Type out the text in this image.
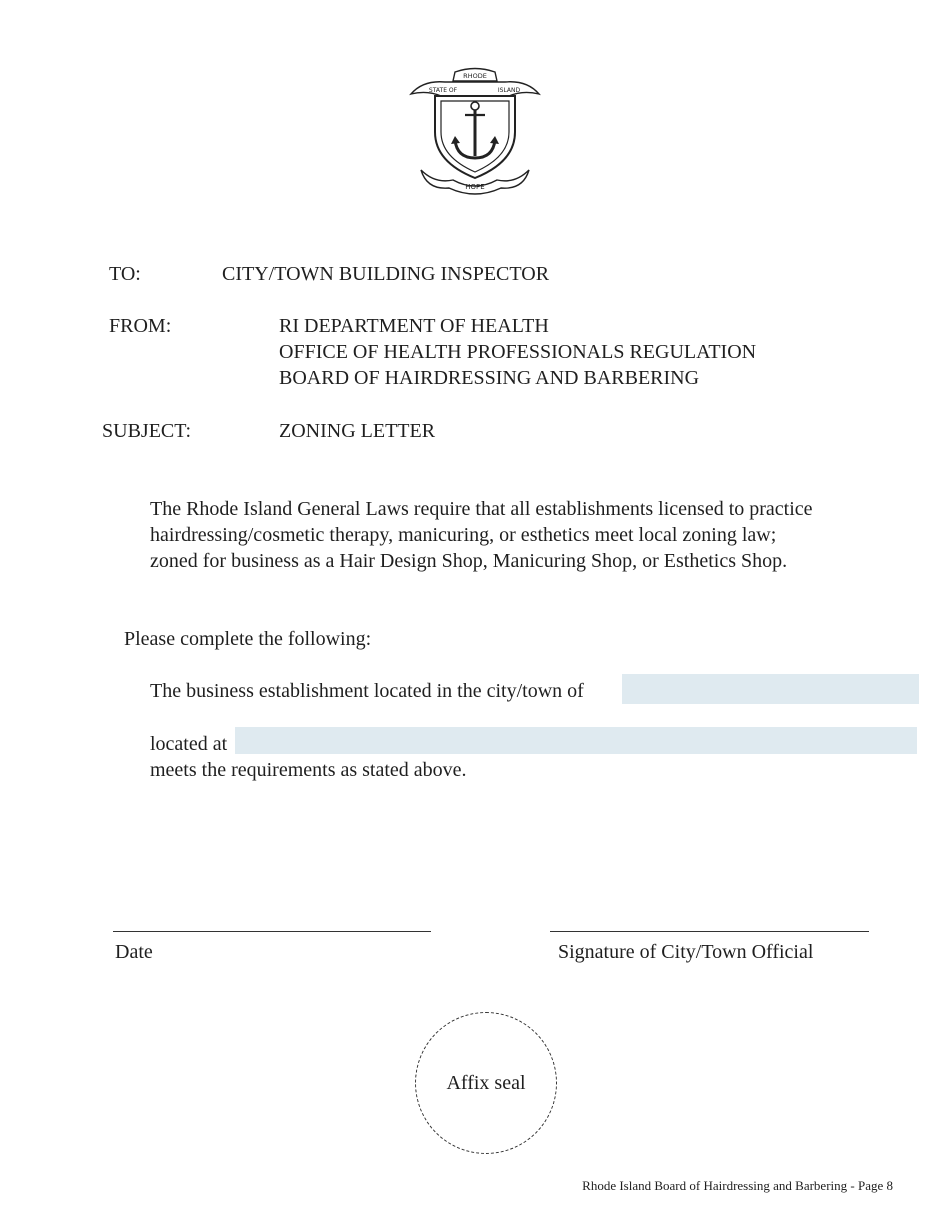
RHODE
STATE OF	ISLAND
HOPE
TO:	CITY/TOWN BUILDING INSPECTOR
FROM:	RI DEPARTMENT OF HEALTH
OFFICE OF HEALTH PROFESSIONALS REGULATION
BOARD OF HAIRDRESSING AND BARBERING
SUBJECT:	ZONING LETTER
The Rhode Island General Laws require that all establishments licensed to practice
hairdressing/cosmetic therapy, manicuring, or esthetics meet local zoning law;
zoned for business as a Hair Design Shop, Manicuring Shop, or Esthetics Shop.
Please complete the following:
The business establishment located in the city/town of
located at
meets the requirements as stated above.
Date	Signature of City/Town Official
Affix seal
Rhode Island Board of Hairdressing and Barbering - Page 8
